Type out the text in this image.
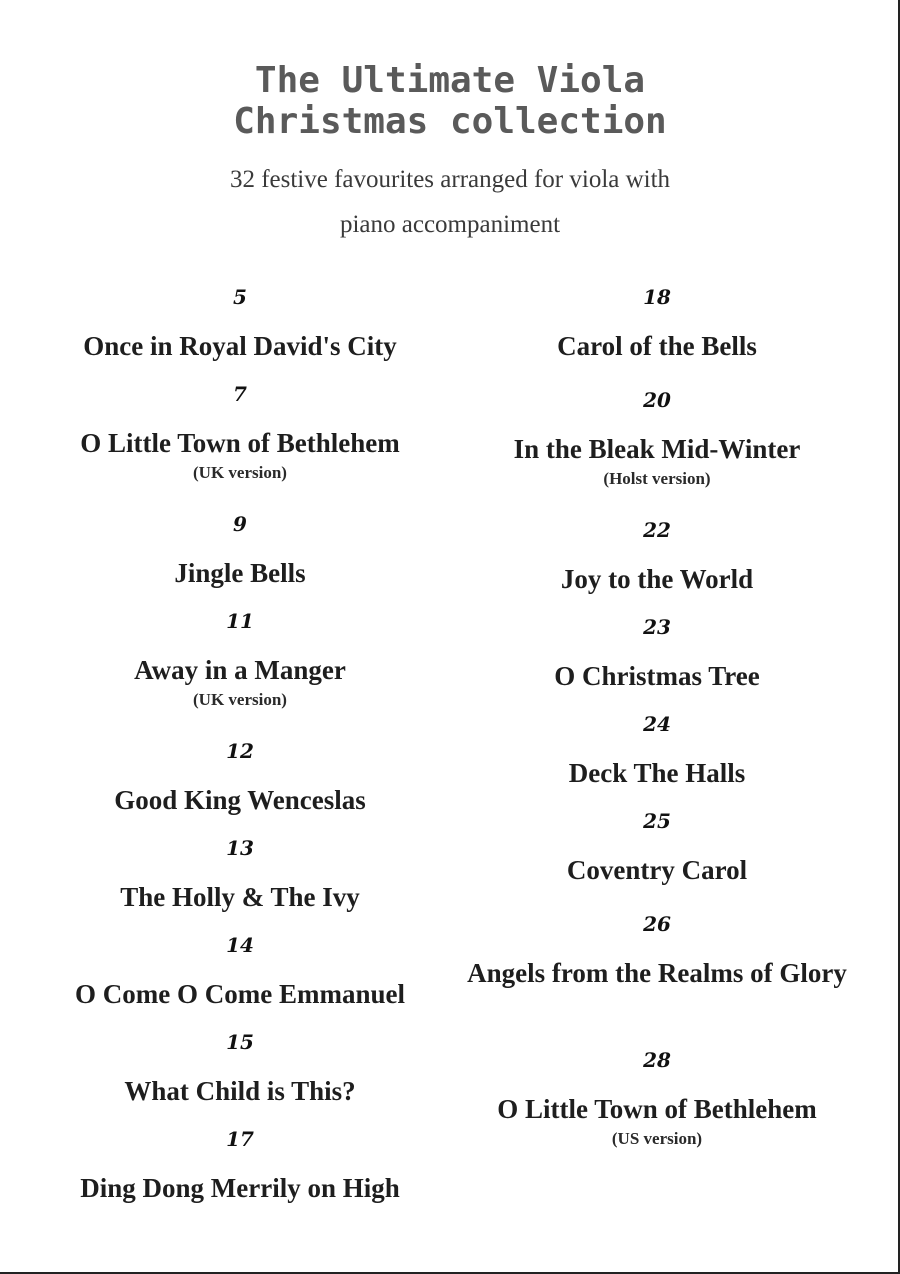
The Ultimate Viola
Christmas collection
32 festive favourites arranged for viola with
piano accompaniment
5
Once in Royal David's City
7
O Little Town of Bethlehem
(UK version)
9
Jingle Bells
11
Away in a Manger
(UK version)
12
Good King Wenceslas
13
The Holly & The Ivy
14
O Come O Come Emmanuel
15
What Child is This?
17
Ding Dong Merrily on High
18
Carol of the Bells
20
In the Bleak Mid-Winter
(Holst version)
22
Joy to the World
23
O Christmas Tree
24
Deck The Halls
25
Coventry Carol
26
Angels from the Realms of Glory
28
O Little Town of Bethlehem
(US version)
